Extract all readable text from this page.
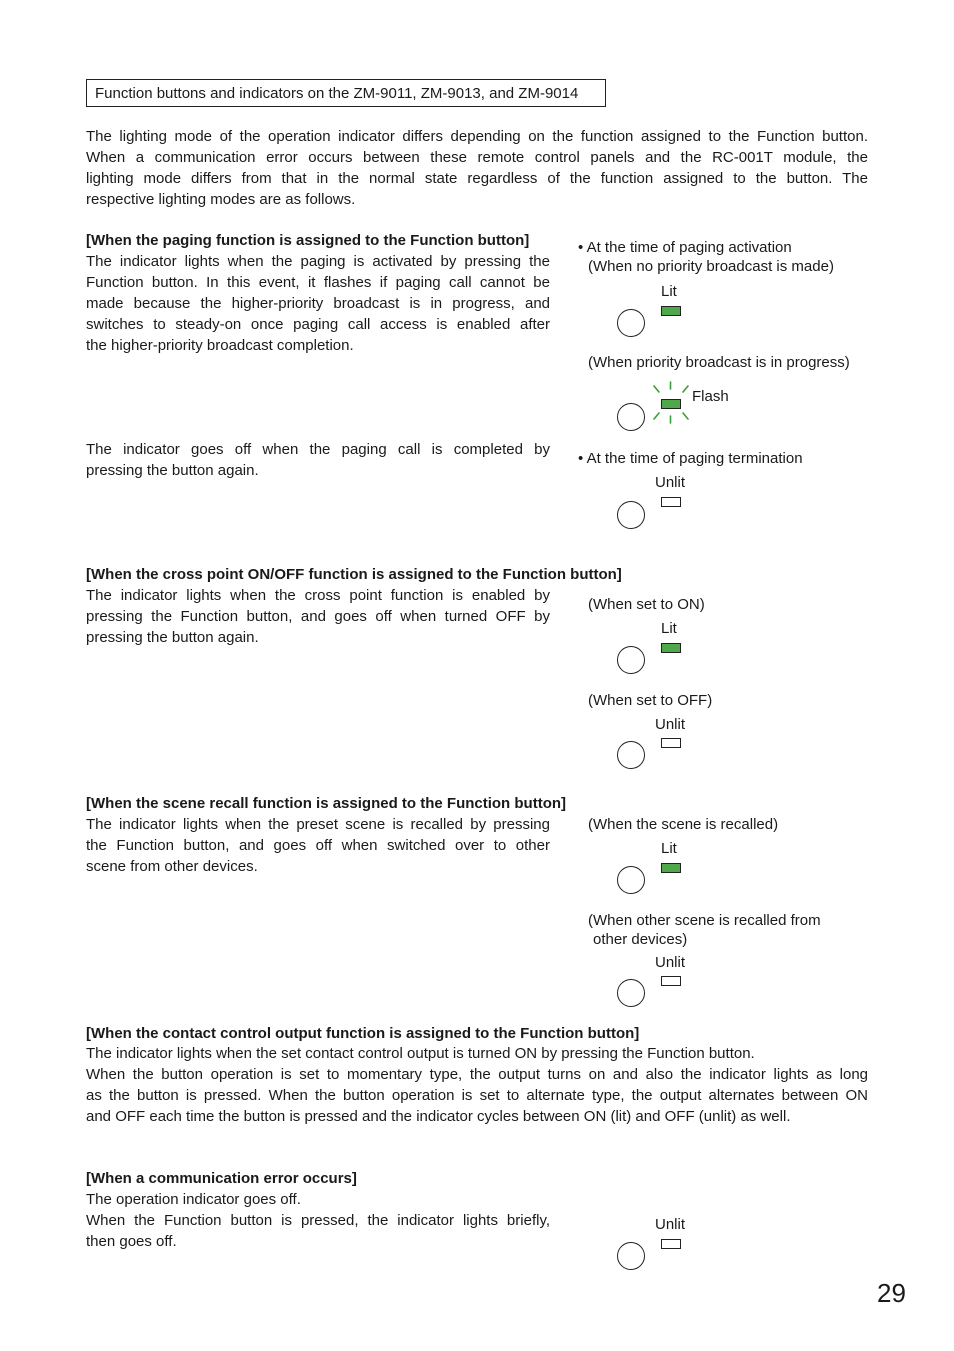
Function buttons and indicators on the ZM-9011, ZM-9013, and ZM-9014
The lighting mode of the operation indicator differs depending on the function assigned to the Function button.
When a communication error occurs between these remote control panels and the RC-001T module, the
lighting mode differs from that in the normal state regardless of the function assigned to the button. The
respective lighting modes are as follows.
[When the paging function is assigned to the Function button]
The indicator lights when the paging is activated by pressing the
Function button. In this event, it flashes if paging call cannot be
made because the higher-priority broadcast is in progress, and
switches to steady-on once paging call access is enabled after
the higher-priority broadcast completion.
The indicator goes off when the paging call is completed by
pressing the button again.
• At the time of paging activation
(When no priority broadcast is made)
Lit
(When priority broadcast is in progress)
Flash
• At the time of paging termination
Unlit
[When the cross point ON/OFF function is assigned to the Function button]
The indicator lights when the cross point function is enabled by
pressing the Function button, and goes off when turned OFF by
pressing the button again.
(When set to ON)
Lit
(When set to OFF)
Unlit
[When the scene recall function is assigned to the Function button]
The indicator lights when the preset scene is recalled by pressing
the Function button, and goes off when switched over to other
scene from other devices.
(When the scene is recalled)
Lit
(When other scene is recalled from
other devices)
Unlit
[When the contact control output function is assigned to the Function button]
The indicator lights when the set contact control output is turned ON by pressing the Function button.
When the button operation is set to momentary type, the output turns on and also the indicator lights as long
as the button is pressed. When the button operation is set to alternate type, the output alternates between ON
and OFF each time the button is pressed and the indicator cycles between ON (lit) and OFF (unlit) as well.
[When a communication error occurs]
The operation indicator goes off.
When the Function button is pressed, the indicator lights briefly,
then goes off.
Unlit
29
